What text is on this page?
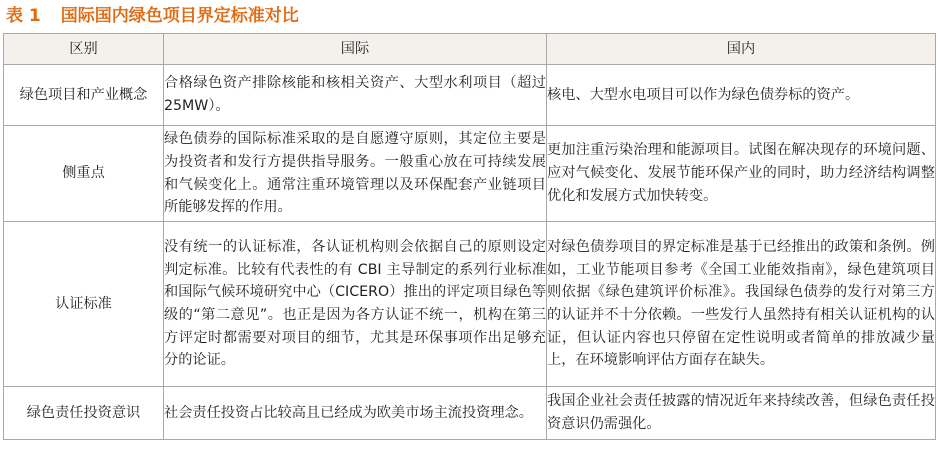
表 1 国际国内绿色项目界定标准对比
区别	国际	国内
绿色项目和产业概念	合格绿色资产排除核能和核相关资产、大型水利项目（超过 25MW）。	核电、大型水电项目可以作为绿色债券标的资产。
侧重点	绿色债券的国际标准采取的是自愿遵守原则，其定位主要是为投资者和发行方提供指导服务。一般重心放在可持续发展和气候变化上。通常注重环境管理以及环保配套产业链项目所能够发挥的作用。	更加注重污染治理和能源项目。试图在解决现存的环境问题、应对气候变化、发展节能环保产业的同时，助力经济结构调整优化和发展方式加快转变。
认证标准	没有统一的认证标准，各认证机构则会依据自己的原则设定判定标准。比较有代表性的有 CBI 主导制定的系列行业标准和国际气候环境研究中心（CICERO）推出的评定项目绿色等级的“第二意见”。也正是因为各方认证不统一，机构在第三方评定时都需要对项目的细节，尤其是环保事项作出足够充分的论证。	对绿色债券项目的界定标准是基于已经推出的政策和条例。例如，工业节能项目参考《全国工业能效指南》，绿色建筑项目则依据《绿色建筑评价标准》。我国绿色债券的发行对第三方的认证并不十分依赖。一些发行人虽然持有相关认证机构的认证，但认证内容也只停留在定性说明或者简单的排放减少量上，在环境影响评估方面存在缺失。
绿色责任投资意识	社会责任投资占比较高且已经成为欧美市场主流投资理念。	我国企业社会责任披露的情况近年来持续改善，但绿色责任投资意识仍需强化。
